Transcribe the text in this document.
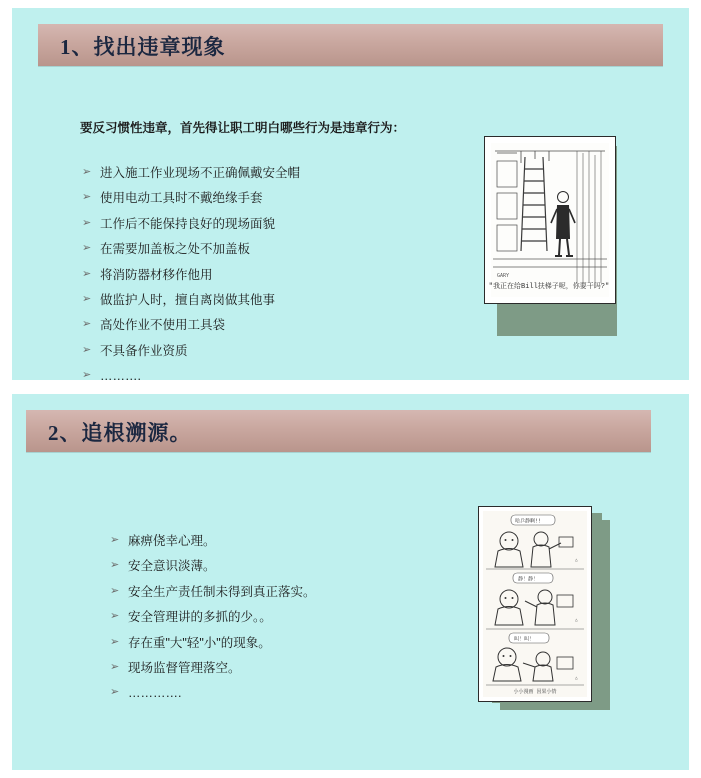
1、找出违章现象
要反习惯性违章，首先得让职工明白哪些行为是违章行为：
➢ 进入施工作业现场不正确佩戴安全帽
➢ 使用电动工具时不戴绝缘手套
➢ 工作后不能保持良好的现场面貌
➢ 在需要加盖板之处不加盖板
➢ 将消防器材移作他用
➢ 做监护人时，擅自离岗做其他事
➢ 高处作业不使用工具袋
➢ 不具备作业资质
➢ ……….
GARY
"我正在给Bill扶梯子呢，你要干吗?"
2、追根溯源。
➢ 麻痹侥幸心理。
➢ 安全意识淡薄。
➢ 安全生产责任制未得到真正落实。
➢ 安全管理讲的多抓的少。。
➢ 存在重"大"轻"小"的现象。
➢ 现场监督管理落空。
➢ ………….
哈乒静啊!!
△
静！静！
△
叫！叫！
△
小小漫画 因果小情
